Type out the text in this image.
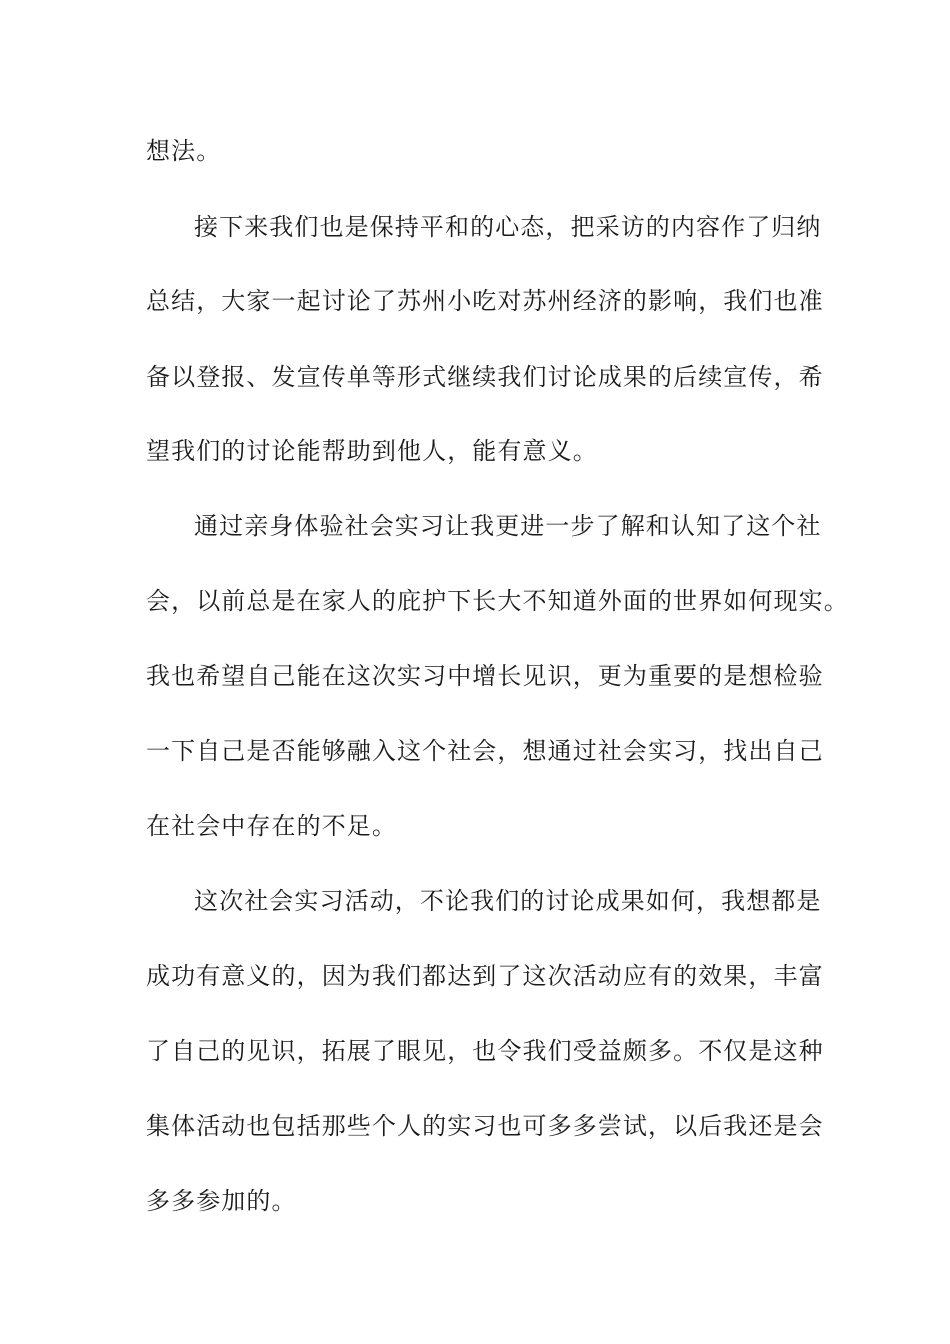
想法。
接下来我们也是保持平和的心态，把采访的内容作了归纳
总结，大家一起讨论了苏州小吃对苏州经济的影响，我们也准
备以登报、发宣传单等形式继续我们讨论成果的后续宣传，希
望我们的讨论能帮助到他人，能有意义。
通过亲身体验社会实习让我更进一步了解和认知了这个社
会，以前总是在家人的庇护下长大不知道外面的世界如何现实。
我也希望自己能在这次实习中增长见识，更为重要的是想检验
一下自己是否能够融入这个社会，想通过社会实习，找出自己
在社会中存在的不足。
这次社会实习活动，不论我们的讨论成果如何，我想都是
成功有意义的，因为我们都达到了这次活动应有的效果，丰富
了自己的见识，拓展了眼见，也令我们受益颇多。不仅是这种
集体活动也包括那些个人的实习也可多多尝试，以后我还是会
多多参加的。
